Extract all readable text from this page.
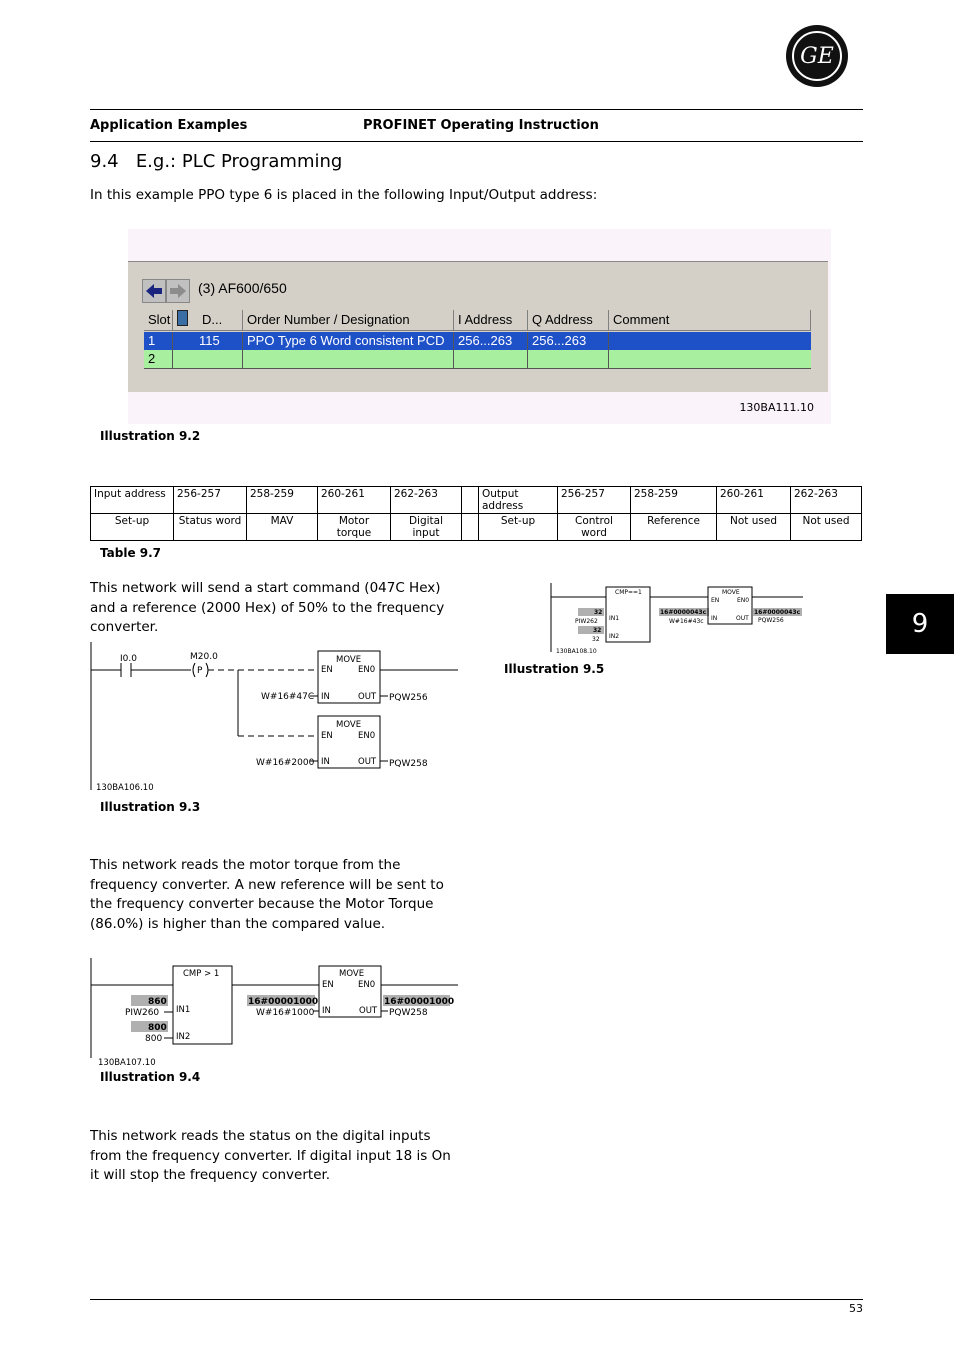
GE
Application Examples	PROFINET Operating Instruction
9
9.4 E.g.: PLC Programming
In this example PPO type 6 is placed in the following Input/Output address:
(3) AF600/650
Slot	D...	Order Number / Designation	I Address	Q Address	Comment
1	115	PPO Type 6 Word consistent PCD	256...263	256...263
2
130BA111.10
Illustration 9.2
Input address	256-257	258-259	260-261	262-263		Output address	256-257	258-259	260-261	262-263
Set-up	Status word	MAV	Motor torque	Digital input		Set-up	Control word	Reference	Not used	Not used
Table 9.7
This network will send a start command (047C Hex) and a reference (2000 Hex) of 50% to the frequency converter.
I0.0	M20.0
P
MOVE
EN	EN0
IN	OUT
W#16#47C	PQW256
MOVE
EN	EN0
IN	OUT
W#16#2000	PQW258
130BA106.10
Illustration 9.3
CMP==1
IN1
IN2
32
PIW262
32
32
16#0000043c
W#16#43c
MOVE
EN	EN0
IN	OUT
16#0000043c
PQW256
130BA108.10
Illustration 9.5
This network reads the motor torque from the frequency converter. A new reference will be sent to the frequency converter because the Motor Torque (86.0%) is higher than the compared value.
CMP > 1
IN1
IN2
860
PIW260
800
800
16#00001000
W#16#1000
MOVE
EN	EN0
IN	OUT
16#00001000
PQW258
130BA107.10
Illustration 9.4
This network reads the status on the digital inputs from the frequency converter. If digital input 18 is On it will stop the frequency converter.
53
